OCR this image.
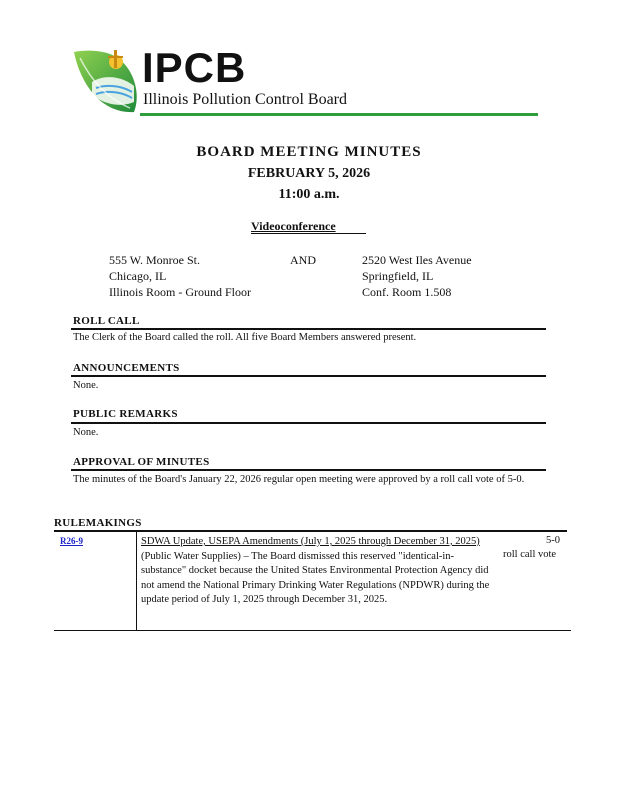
IPCB
Illinois Pollution Control Board
BOARD MEETING MINUTES
FEBRUARY 5, 2026
11:00 a.m.
Videoconference
555 W. Monroe St.
Chicago, IL
Illinois Room - Ground Floor
AND	2520 West Iles Avenue
Springfield, IL
Conf. Room 1.508
ROLL CALL
The Clerk of the Board called the roll. All five Board Members answered present.
ANNOUNCEMENTS
None.
PUBLIC REMARKS
None.
APPROVAL OF MINUTES
The minutes of the Board's January 22, 2026 regular open meeting were approved by a roll call vote of 5-0.
RULEMAKINGS
R26-9	SDWA Update, USEPA Amendments (July 1, 2025 through December 31, 2025) (Public Water Supplies) – The Board dismissed this reserved "identical-in-substance" docket because the United States Environmental Protection Agency did not amend the National Primary Drinking Water Regulations (NPDWR) during the update period of July 1, 2025 through December 31, 2025.
5-0
roll call vote
